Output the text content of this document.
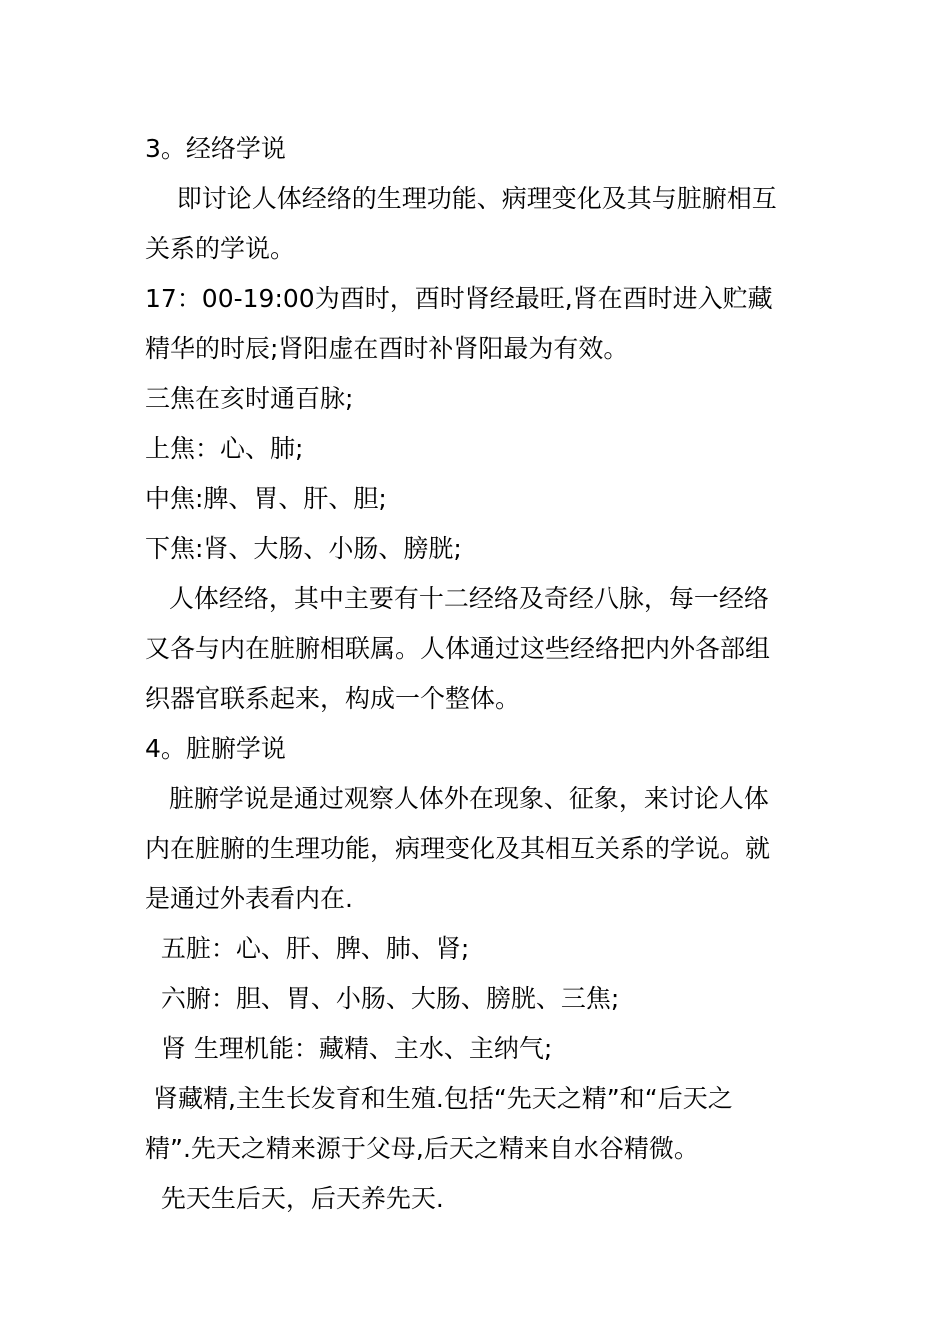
3。经络学说
即讨论人体经络的生理功能、病理变化及其与脏腑相互
关系的学说。
17：00-19:00为酉时，酉时肾经最旺,肾在酉时进入贮藏
精华的时辰;肾阳虚在酉时补肾阳最为有效。
三焦在亥时通百脉;
上焦：心、肺;
中焦:脾、胃、肝、胆;
下焦:肾、大肠、小肠、膀胱;
人体经络，其中主要有十二经络及奇经八脉，每一经络
又各与内在脏腑相联属。人体通过这些经络把内外各部组
织器官联系起来，构成一个整体。
4。脏腑学说
脏腑学说是通过观察人体外在现象、征象，来讨论人体
内在脏腑的生理功能，病理变化及其相互关系的学说。就
是通过外表看内在.
五脏：心、肝、脾、肺、肾;
六腑：胆、胃、小肠、大肠、膀胱、三焦;
肾 生理机能：藏精、主水、主纳气;
肾藏精,主生长发育和生殖.包括“先天之精”和“后天之
精”.先天之精来源于父母,后天之精来自水谷精微。
先天生后天，后天养先天.
